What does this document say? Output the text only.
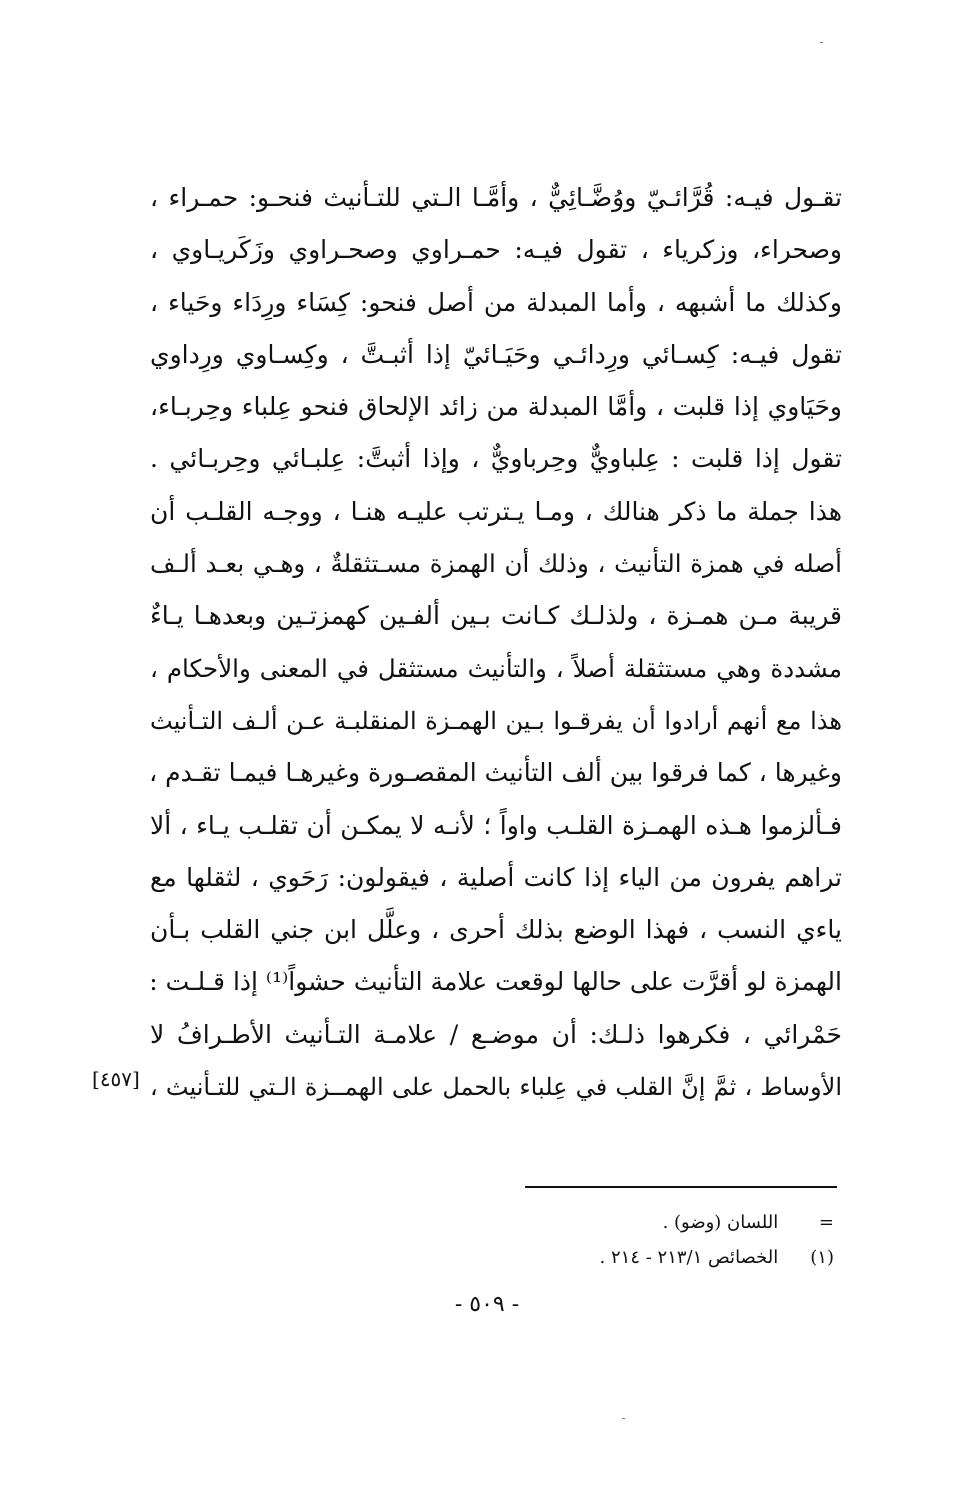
تقـول فيـه: قُرَّائـيّ ووُضَّـائِيٌّ ، وأمَّـا الـتي للتـأنيث فنحـو: حمـراء ،
وصحراء، وزكرياء ، تقول فيـه: حمـراوي وصحـراوي وزَكَريـاوي ،
وكذلك ما أشبهه ، وأما المبدلة من أصل فنحو: كِسَاء ورِدَاء وحَياء ،
تقول فيـه: كِسـائي ورِدائـي وحَيَـائيّ إذا أثبـتَّ ، وكِسـاوي ورِداوي
وحَيَاوي إذا قلبت ، وأمَّا المبدلة من زائد الإلحاق فنحو عِلباء وحِربـاء،
تقول إذا قلبت : عِلباويٌّ وحِرباويٌّ ، وإذا أثبتَّ: عِلبـائي وحِربـائي .
هذا جملة ما ذكر هنالك ، ومـا يـترتب عليـه هنـا ، ووجـه القلـب أن
أصله في همزة التأنيث ، وذلك أن الهمزة مسـتثقلةٌ ، وهـي بعـد ألـف
قريبة مـن همـزة ، ولذلـك كـانت بـين ألفـين كهمزتـين وبعدهـا يـاءٌ
مشددة وهي مستثقلة أصلاً ، والتأنيث مستثقل في المعنى والأحكام ،
هذا مع أنهم أرادوا أن يفرقـوا بـين الهمـزة المنقلبـة عـن ألـف التـأنيث
وغيرها ، كما فرقوا بين ألف التأنيث المقصـورة وغيرهـا فيمـا تقـدم ،
فـألزموا هـذه الهمـزة القلـب واواً ؛ لأنـه لا يمكـن أن تقلـب يـاء ، ألا
تراهم يفرون من الياء إذا كانت أصلية ، فيقولون: رَحَوي ، لثقلها مع
ياءي النسب ، فهذا الوضع بذلك أحرى ، وعلَّل ابن جني القلب بـأن
الهمزة لو أقرَّت على حالها لوقعت علامة التأنيث حشواً⁽¹⁾ إذا قـلـت :
حَمْرائي ، فكرهوا ذلـك: أن موضـع / علامـة التـأنيث الأطـرافُ لا
الأوساط ، ثمَّ إنَّ القلب في عِلباء بالحمل على الهمــزة الـتي للتـأنيث ،
[٤٥٧]
= اللسان (وضو) .
(١) الخصائص ٢١٣/١ - ٢١٤ .
- ٥٠٩ -
